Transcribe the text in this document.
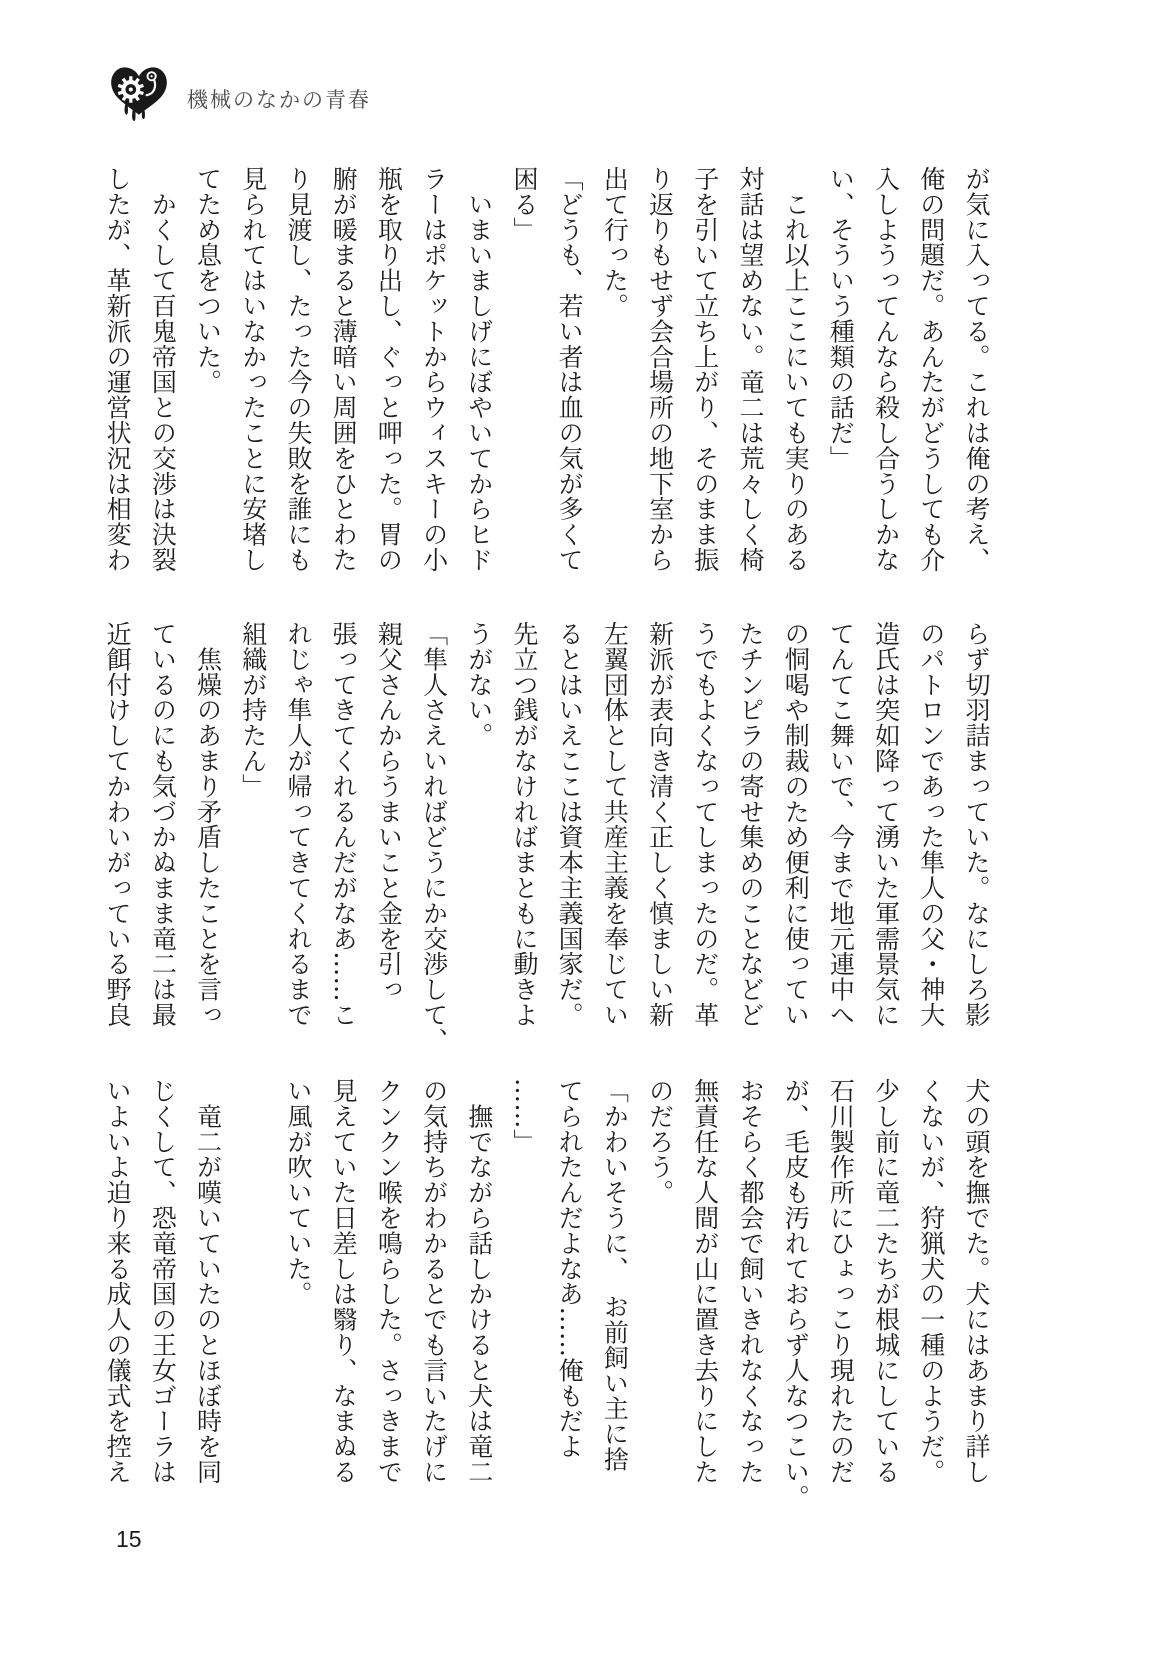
機械のなかの青春
が気に入ってる。これは俺の考え、
俺の問題だ。あんたがどうしても介
入しようってんなら殺し合うしかな
い、そういう種類の話だ」
　これ以上ここにいても実りのある
対話は望めない。竜二は荒々しく椅
子を引いて立ち上がり、そのまま振
り返りもせず会合場所の地下室から
出て行った。
「どうも、若い者は血の気が多くて
困る」
　いまいましげにぼやいてからヒド
ラーはポケットからウィスキーの小
瓶を取り出し、ぐっと呷った。胃の
腑が暖まると薄暗い周囲をひとわた
り見渡し、たった今の失敗を誰にも
見られてはいなかったことに安堵し
てため息をついた。
　かくして百鬼帝国との交渉は決裂
したが、革新派の運営状況は相変わ
らず切羽詰まっていた。なにしろ影
のパトロンであった隼人の父・神大
造氏は突如降って湧いた軍需景気に
てんてこ舞いで、今まで地元連中へ
の恫喝や制裁のため便利に使ってい
たチンピラの寄せ集めのことなどど
うでもよくなってしまったのだ。革
新派が表向き清く正しく慎ましい新
左翼団体として共産主義を奉じてい
るとはいえここは資本主義国家だ。
先立つ銭がなければまともに動きよ
うがない。
「隼人さえいればどうにか交渉して、
親父さんからうまいこと金を引っ
張ってきてくれるんだがなあ……こ
れじゃ隼人が帰ってきてくれるまで
組織が持たん」
　焦燥のあまり矛盾したことを言っ
ているのにも気づかぬまま竜二は最
近餌付けしてかわいがっている野良
犬の頭を撫でた。犬にはあまり詳し
くないが、狩猟犬の一種のようだ。
少し前に竜二たちが根城にしている
石川製作所にひょっこり現れたのだ
が、毛皮も汚れておらず人なつこい。
おそらく都会で飼いきれなくなった
無責任な人間が山に置き去りにした
のだろう。
「かわいそうに、　お前飼い主に捨
てられたんだよなあ……俺もだよ
……」
　撫でながら話しかけると犬は竜二
の気持ちがわかるとでも言いたげに
クンクン喉を鳴らした。さっきまで
見えていた日差しは翳り、なまぬる
い風が吹いていた。

　竜二が嘆いていたのとほぼ時を同
じくして、恐竜帝国の王女ゴーラは
いよいよ迫り来る成人の儀式を控え
15
